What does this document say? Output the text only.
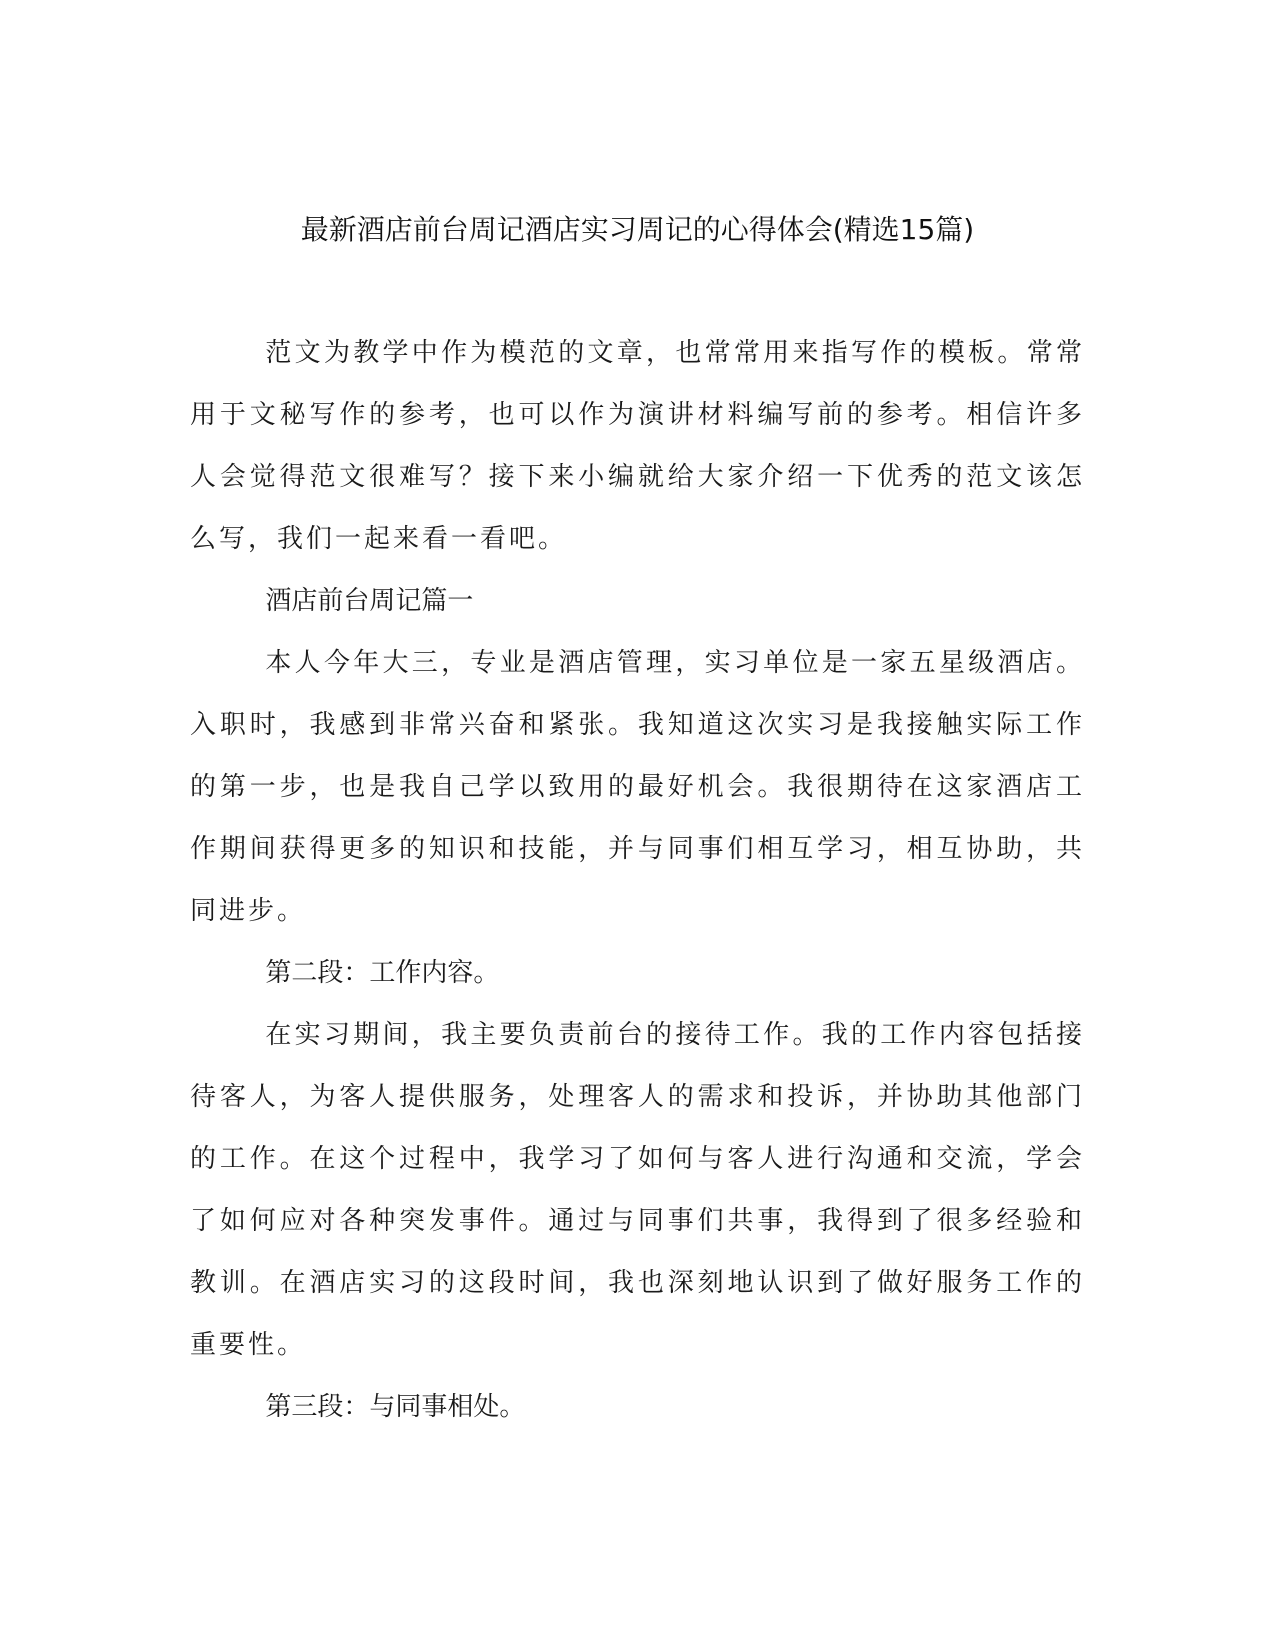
最新酒店前台周记酒店实习周记的心得体会(精选15篇)

范文为教学中作为模范的文章，也常常用来指写作的模板。常常用于文秘写作的参考，也可以作为演讲材料编写前的参考。相信许多人会觉得范文很难写？接下来小编就给大家介绍一下优秀的范文该怎么写，我们一起来看一看吧。

酒店前台周记篇一

本人今年大三，专业是酒店管理，实习单位是一家五星级酒店。入职时，我感到非常兴奋和紧张。我知道这次实习是我接触实际工作的第一步，也是我自己学以致用的最好机会。我很期待在这家酒店工作期间获得更多的知识和技能，并与同事们相互学习，相互协助，共同进步。

第二段：工作内容。

在实习期间，我主要负责前台的接待工作。我的工作内容包括接待客人，为客人提供服务，处理客人的需求和投诉，并协助其他部门的工作。在这个过程中，我学习了如何与客人进行沟通和交流，学会了如何应对各种突发事件。通过与同事们共事，我得到了很多经验和教训。在酒店实习的这段时间，我也深刻地认识到了做好服务工作的重要性。

第三段：与同事相处。
